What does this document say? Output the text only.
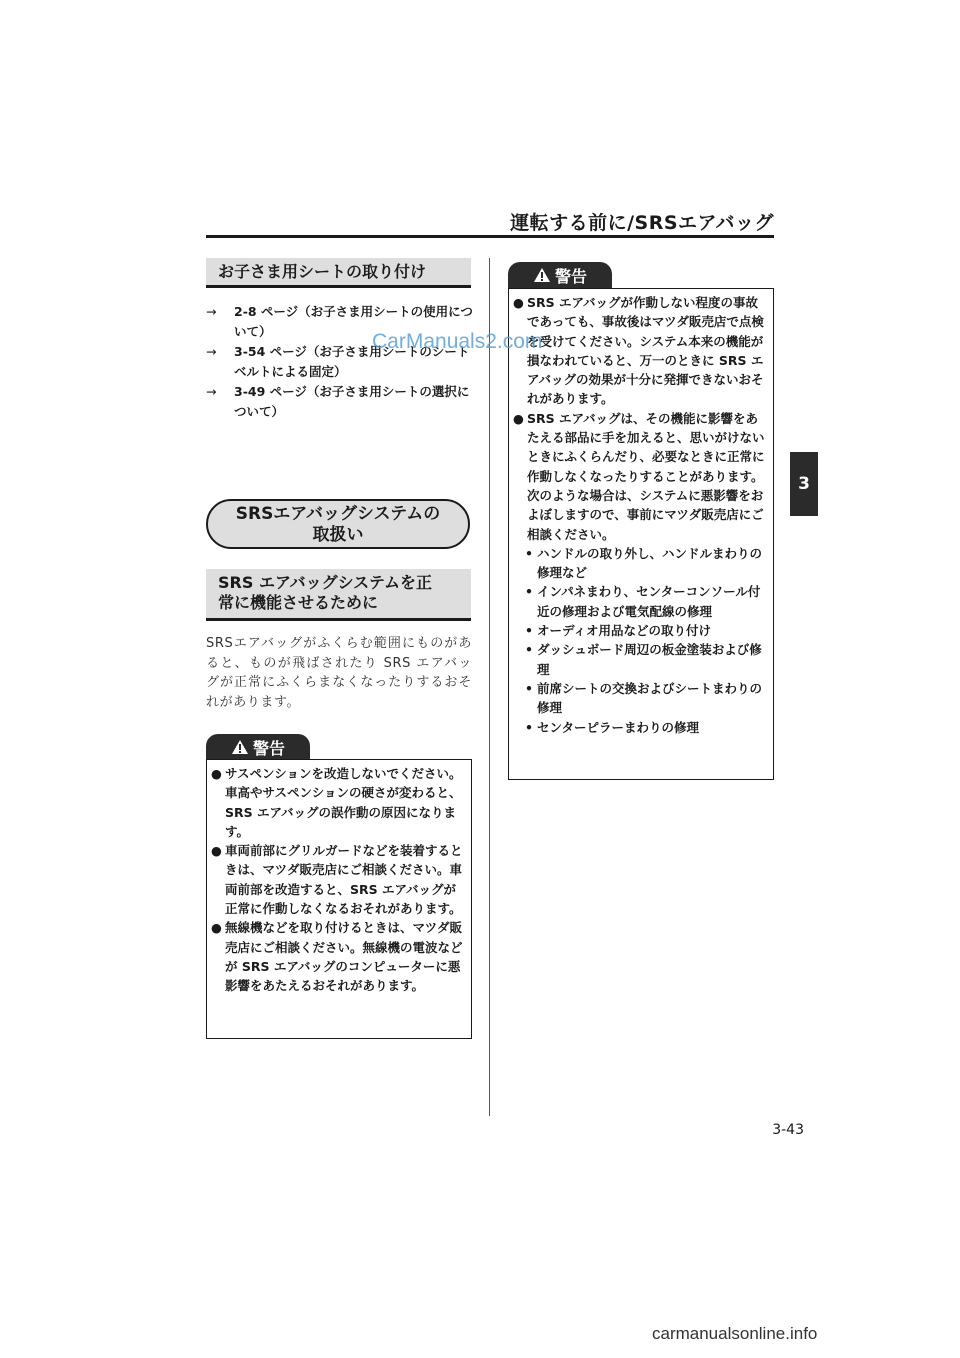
運転する前に/SRSエアバッグ
3
お子さま用シートの取り付け

→ 2-8 ページ（お子さま用シートの使用について）

→ 3-54 ページ（お子さま用シートのシートベルトによる固定）

→ 3-49 ページ（お子さま用シートの選択について）

SRSエアバッグシステムの
取扱い
SRS エアバッグシステムを正
常に機能させるために
SRSエアバッグがふくらむ範囲にものがあると、ものが飛ばされたり SRS エアバッグが正常にふくらまなくなったりするおそれがあります。
警告

● サスペンションを改造しないでください。車高やサスペンションの硬さが変わると、SRS エアバッグの誤作動の原因になります。

● 車両前部にグリルガードなどを装着するときは、マツダ販売店にご相談ください。車両前部を改造すると、SRS エアバッグが正常に作動しなくなるおそれがあります。

● 無線機などを取り付けるときは、マツダ販売店にご相談ください。無線機の電波などが SRS エアバッグのコンピューターに悪影響をあたえるおそれがあります。

警告

● SRS エアバッグが作動しない程度の事故であっても、事故後はマツダ販売店で点検を受けてください。システム本来の機能が損なわれていると、万一のときに SRS エアバッグの効果が十分に発揮できないおそれがあります。

● SRS エアバッグは、その機能に影響をあたえる部品に手を加えると、思いがけないときにふくらんだり、必要なときに正常に作動しなくなったりすることがあります。次のような場合は、システムに悪影響をおよぼしますので、事前にマツダ販売店にご相談ください。

• ハンドルの取り外し、ハンドルまわりの修理など

• インパネまわり、センターコンソール付近の修理および電気配線の修理

• オーディオ用品などの取り付け

• ダッシュボード周辺の板金塗装および修理

• 前席シートの交換およびシートまわりの修理

• センターピラーまわりの修理

3-43
CarManuals2.com
carmanualsonline.info
